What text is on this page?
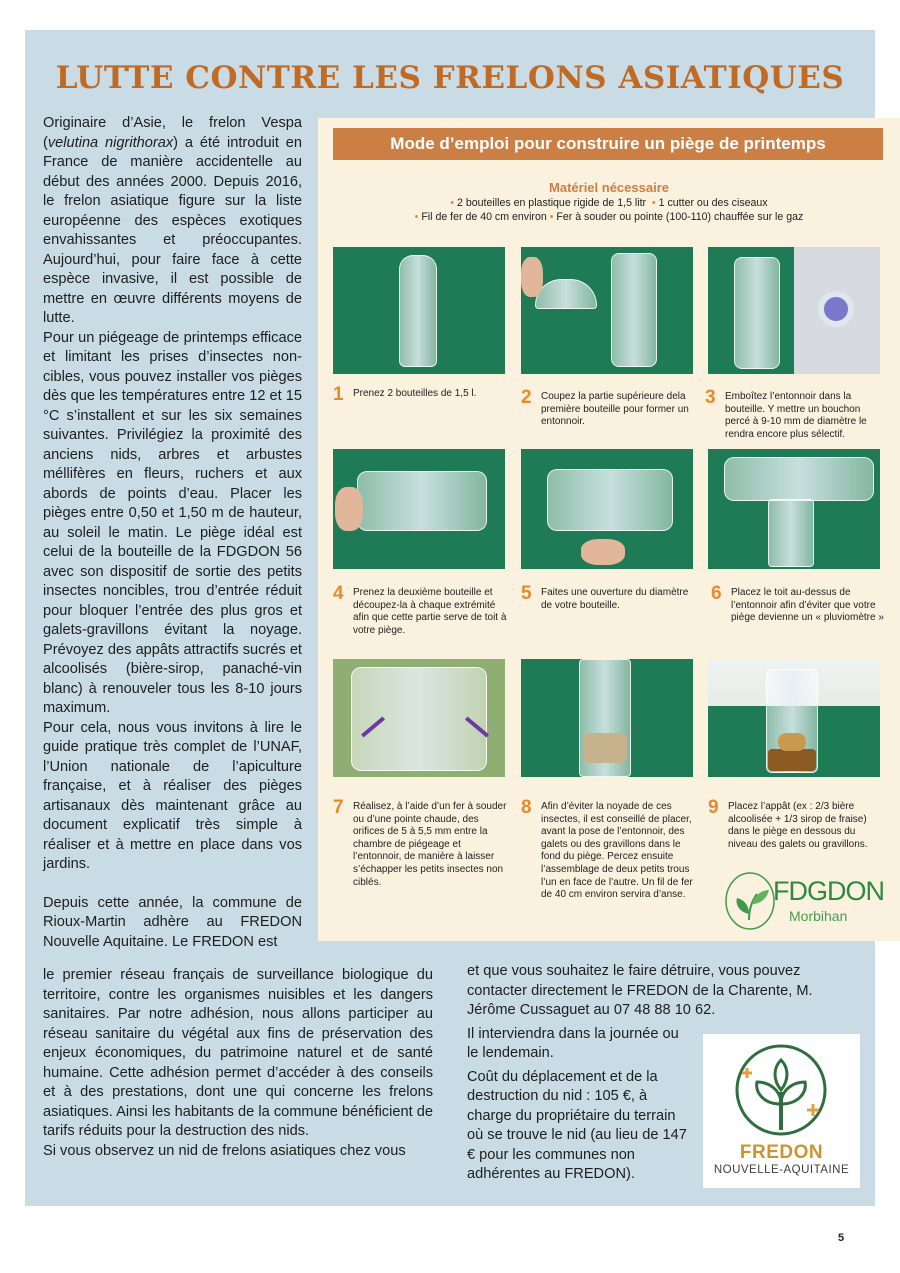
LUTTE CONTRE LES FRELONS ASIATIQUES

Originaire d’Asie, le frelon Vespa (velutina nigrithorax) a été introduit en France de manière accidentelle au début des années 2000. Depuis 2016, le frelon asiatique figure sur la liste européenne des espèces exotiques envahissantes et préoccupantes. Aujourd’hui, pour faire face à cette espèce invasive, il est possible de mettre en œuvre différents moyens de lutte.

Pour un piégeage de printemps efficace et limitant les prises d’insectes non-cibles, vous pouvez installer vos pièges dès que les températures entre 12 et 15 °C s’installent et sur les six semaines suivantes. Privilégiez la proximité des anciens nids, arbres et arbustes méllifères en fleurs, ruchers et aux abords de points d’eau. Placer les pièges entre 0,50 et 1,50 m de hauteur, au soleil le matin. Le piège idéal est celui de la bouteille de la FDGDON 56 avec son dispositif de sortie des petits insectes noncibles, trou d’entrée réduit pour bloquer l’entrée des plus gros et galets-gravillons évitant la noyage. Prévoyez des appâts attractifs sucrés et alcoolisés (bière-sirop, panaché-vin blanc) à renouveler tous les 8-10 jours maximum.

Pour cela, nous vous invitons à lire le guide pratique très complet de l’UNAF, l’Union nationale de l’apiculture française, et à réaliser des pièges artisanaux dès maintenant grâce au document explicatif très simple à réaliser et à mettre en place dans vos jardins.

Depuis cette année, la commune de Rioux-Martin adhère au FREDON Nouvelle Aquitaine. Le FREDON est

le premier réseau français de surveillance biologique du territoire, contre les organismes nuisibles et les dangers sanitaires. Par notre adhésion, nous allons participer au réseau sanitaire du végétal aux fins de préservation des enjeux économiques, du patrimoine naturel et de santé humaine. Cette adhésion permet d’accéder à des conseils et à des prestations, dont une qui concerne les frelons asiatiques. Ainsi les habitants de la commune bénéficient de tarifs réduits pour la destruction des nids.
Si vous observez un nid de frelons asiatiques chez vous

et que vous souhaitez le faire détruire, vous pouvez contacter directement le FREDON de la Charente, M. Jérôme Cussaguet au 07 48 88 10 62.

Il interviendra dans la journée ou le lendemain.

Coût du déplacement et de la destruction du nid : 105 €, à charge du propriétaire du terrain où se trouve le nid (au lieu de 147 € pour les communes non adhérentes au FREDON).

Mode d’emploi pour construire un piège de printemps
Matériel nécessaire
• 2 bouteilles en plastique rigide de 1,5 litr • 1 cutter ou des ciseaux
• Fil de fer de 40 cm environ • Fer à souder ou pointe (100-110) chauffée sur le gaz
1 Prenez 2 bouteilles de 1,5 l.	2 Coupez la partie supérieure dela première bouteille pour former un entonnoir.
3 Emboîtez l’entonnoir dans la bouteille. Y mettre un bouchon percé à 9-10 mm de diamètre le rendra encore plus sélectif.
4 Prenez la deuxième bouteille et découpez-la à chaque extrémité afin que cette partie serve de toit à votre piège.
5 Faites une ouverture du diamètre de votre bouteille.
6 Placez le toit au-dessus de l’entonnoir afin d’éviter que votre piège devienne un « pluviomètre »
7 Réalisez, à l’aide d’un fer à souder ou d’une pointe chaude, des orifices de 5 à 5,5 mm entre la chambre de piégeage et l’entonnoir, de manière à laisser s’échapper les petits insectes non ciblés.
8 Afin d’éviter la noyade de ces insectes, il est conseillé de placer, avant la pose de l’entonnoir, des galets ou des gravillons dans le fond du piège. Percez ensuite l’assemblage de deux petits trous l’un en face de l’autre. Un fil de fer de 40 cm environ servira d’anse.
9 Placez l’appât (ex : 2/3 bière alcoolisée + 1/3 sirop de fraise) dans le piège en dessous du niveau des galets ou gravillons.
FDGDON
Morbihan
FREDON
NOUVELLE-AQUITAINE
5
